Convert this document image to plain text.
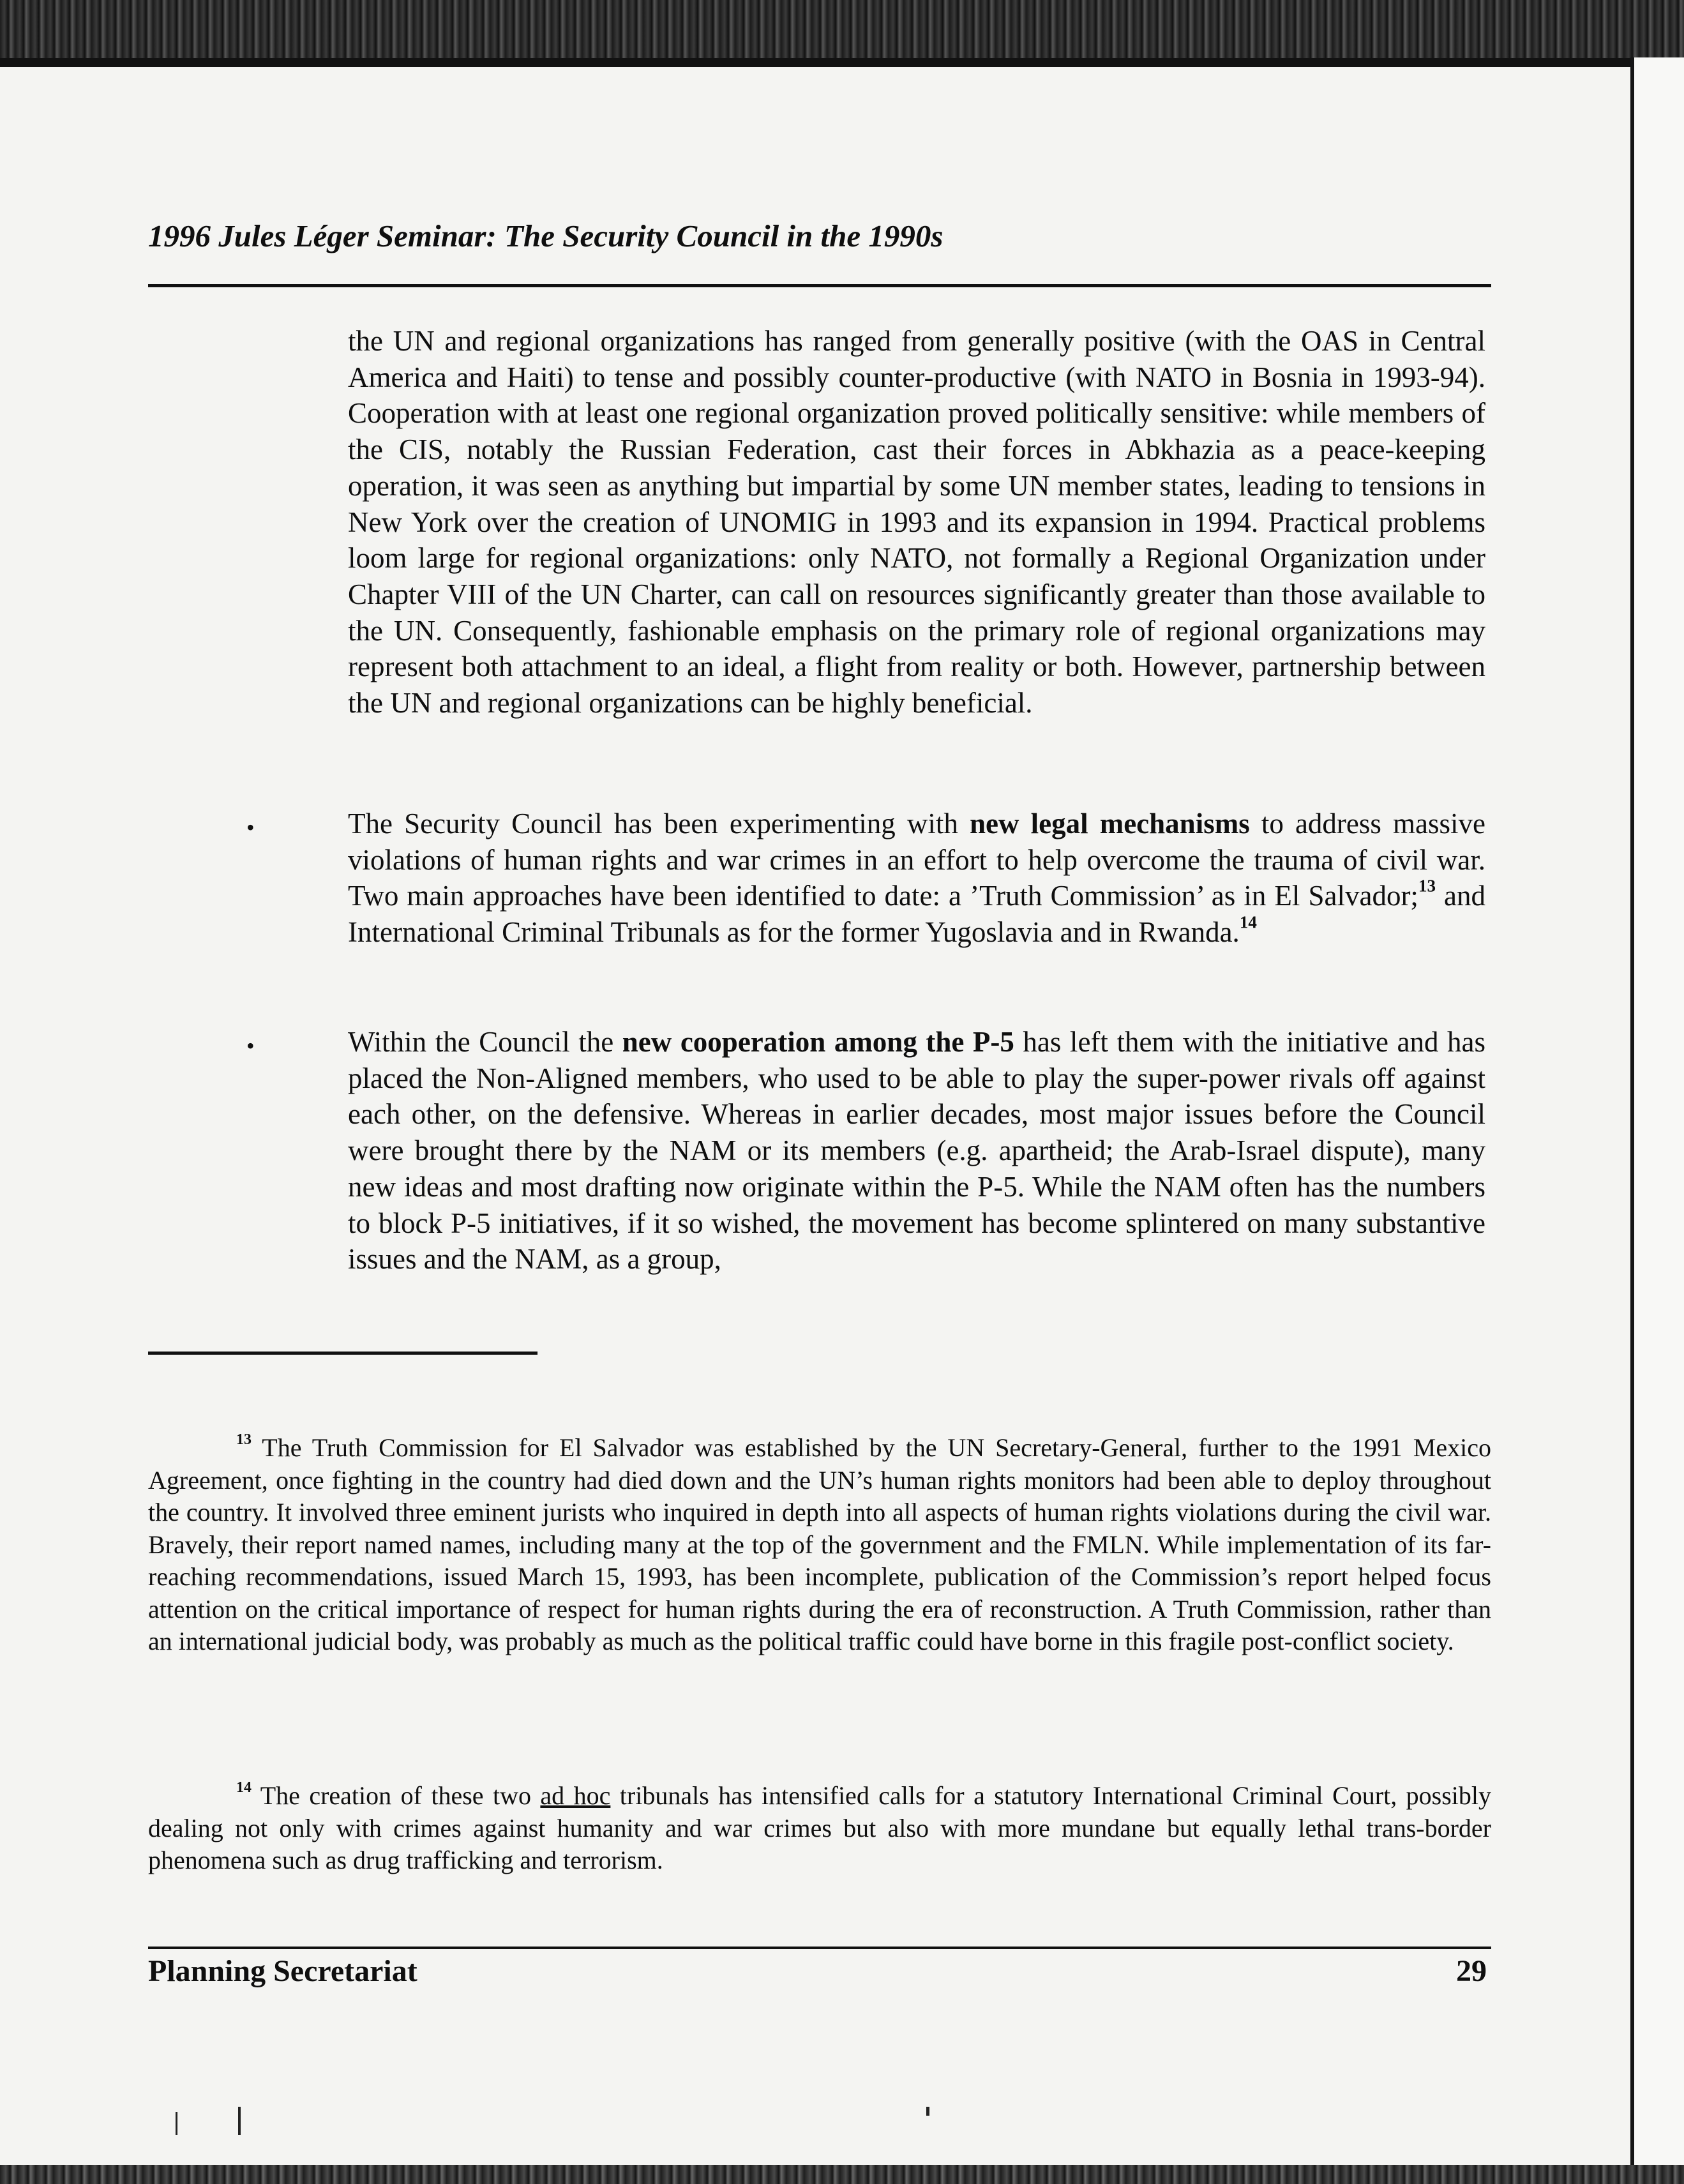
1996 Jules Léger Seminar: The Security Council in the 1990s

the UN and regional organizations has ranged from generally positive (with the OAS in Central America and Haiti) to tense and possibly counter-productive (with NATO in Bosnia in 1993-94). Cooperation with at least one regional organization proved politically sensitive: while members of the CIS, notably the Russian Federation, cast their forces in Abkhazia as a peace-keeping operation, it was seen as anything but impartial by some UN member states, leading to tensions in New York over the creation of UNOMIG in 1993 and its expansion in 1994. Practical problems loom large for regional organizations: only NATO, not formally a Regional Organization under Chapter VIII of the UN Charter, can call on resources significantly greater than those available to the UN. Consequently, fashionable emphasis on the primary role of regional organizations may represent both attachment to an ideal, a flight from reality or both. However, partnership between the UN and regional organizations can be highly beneficial.

•	The Security Council has been experimenting with new legal mechanisms to address massive violations of human rights and war crimes in an effort to help overcome the trauma of civil war. Two main approaches have been identified to date: a ’Truth Commission’ as in El Salvador;$^{13}$ and International Criminal Tribunals as for the former Yugoslavia and in Rwanda.$^{14}$

•	Within the Council the new cooperation among the P-5 has left them with the initiative and has placed the Non-Aligned members, who used to be able to play the super-power rivals off against each other, on the defensive. Whereas in earlier decades, most major issues before the Council were brought there by the NAM or its members (e.g. apartheid; the Arab-Israel dispute), many new ideas and most drafting now originate within the P-5. While the NAM often has the numbers to block P-5 initiatives, if it so wished, the movement has become splintered on many substantive issues and the NAM, as a group,

$^{13}$ The Truth Commission for El Salvador was established by the UN Secretary-General, further to the 1991 Mexico Agreement, once fighting in the country had died down and the UN’s human rights monitors had been able to deploy throughout the country. It involved three eminent jurists who inquired in depth into all aspects of human rights violations during the civil war. Bravely, their report named names, including many at the top of the government and the FMLN. While implementation of its far-reaching recommendations, issued March 15, 1993, has been incomplete, publication of the Commission’s report helped focus attention on the critical importance of respect for human rights during the era of reconstruction. A Truth Commission, rather than an international judicial body, was probably as much as the political traffic could have borne in this fragile post-conflict society.

$^{14}$ The creation of these two ad hoc tribunals has intensified calls for a statutory International Criminal Court, possibly dealing not only with crimes against humanity and war crimes but also with more mundane but equally lethal trans-border phenomena such as drug trafficking and terrorism.

Planning Secretariat	29
